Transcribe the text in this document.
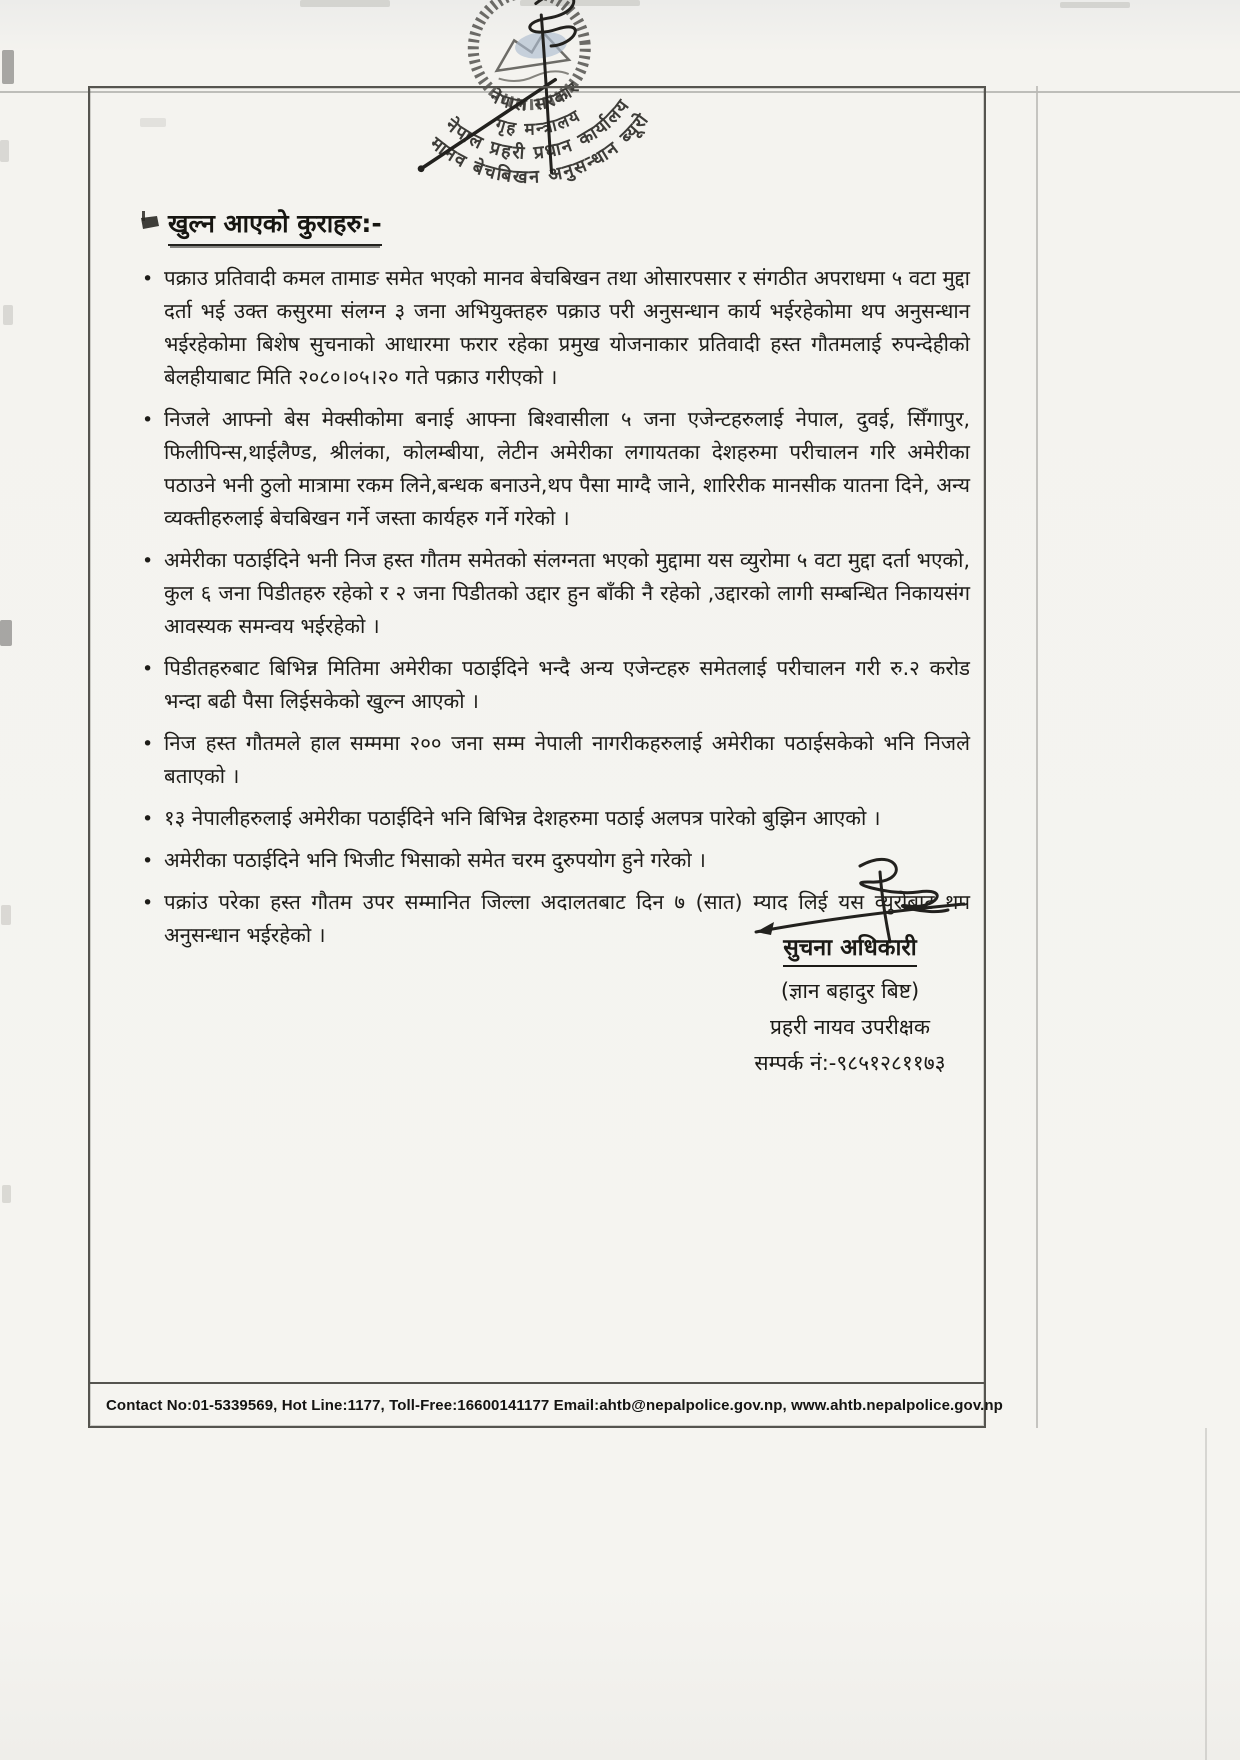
नेपाल सरकार
गृह मन्त्रालय
नेपाल प्रहरी प्रधान कार्यालय
मानव बेचबिखन अनुसन्धान ब्यूरो
खुल्न आएको कुराहरु:-
• पक्राउ प्रतिवादी कमल तामाङ समेत भएको मानव बेचबिखन तथा ओसारपसार र संगठीत अपराधमा ५ वटा मुद्दा दर्ता भई उक्त कसुरमा संलग्न ३ जना अभियुक्तहरु पक्राउ परी अनुसन्धान कार्य भईरहेकोमा थप अनुसन्धान भईरहेकोमा बिशेष सुचनाको आधारमा फरार रहेका प्रमुख योजनाकार प्रतिवादी हस्त गौतमलाई रुपन्देहीको बेलहीयाबाट मिति २०८०।०५।२० गते पक्राउ गरीएको ।
• निजले आफ्नो बेस मेक्सीकोमा बनाई आफ्ना बिश्वासीला ५ जना एजेन्टहरुलाई नेपाल, दुवई, सिँगापुर, फिलीपिन्स,थाईलैण्ड, श्रीलंका, कोलम्बीया, लेटीन अमेरीका लगायतका देशहरुमा परीचालन गरि अमेरीका पठाउने भनी ठुलो मात्रामा रकम लिने,बन्धक बनाउने,थप पैसा माग्दै जाने, शारिरीक मानसीक यातना दिने, अन्य व्यक्तीहरुलाई बेचबिखन गर्ने जस्ता कार्यहरु गर्ने गरेको ।
• अमेरीका पठाईदिने भनी निज हस्त गौतम समेतको संलग्नता भएको मुद्दामा यस व्युरोमा ५ वटा मुद्दा दर्ता भएको, कुल ६ जना पिडीतहरु रहेको र २ जना पिडीतको उद्दार हुन बाँकी नै रहेको ,उद्दारको लागी सम्बन्धित निकायसंग आवस्यक समन्वय भईरहेको ।
• पिडीतहरुबाट बिभिन्न मितिमा अमेरीका पठाईदिने भन्दै अन्य एजेन्टहरु समेतलाई परीचालन गरी रु.२ करोड भन्दा बढी पैसा लिईसकेको खुल्न आएको ।
• निज हस्त गौतमले हाल सम्ममा २०० जना सम्म नेपाली नागरीकहरुलाई अमेरीका पठाईसकेको भनि निजले बताएको ।
• १३ नेपालीहरुलाई अमेरीका पठाईदिने भनि बिभिन्न देशहरुमा पठाई अलपत्र पारेको बुझिन आएको ।
• अमेरीका पठाईदिने भनि भिजीट भिसाको समेत चरम दुरुपयोग हुने गरेको ।
• पक्रांउ परेका हस्त गौतम उपर सम्मानित जिल्ला अदालतबाट दिन ७ (सात) म्याद लिई यस व्युरोबाट थप अनुसन्धान भईरहेको ।
Contact No:01-5339569, Hot Line:1177, Toll-Free:16600141177 Email:ahtb@nepalpolice.gov.np, www.ahtb.nepalpolice.gov.np
सुचना अधिकारी
(ज्ञान बहादुर बिष्ट)
प्रहरी नायव उपरीक्षक
सम्पर्क नं:-९८५१२८११७३
